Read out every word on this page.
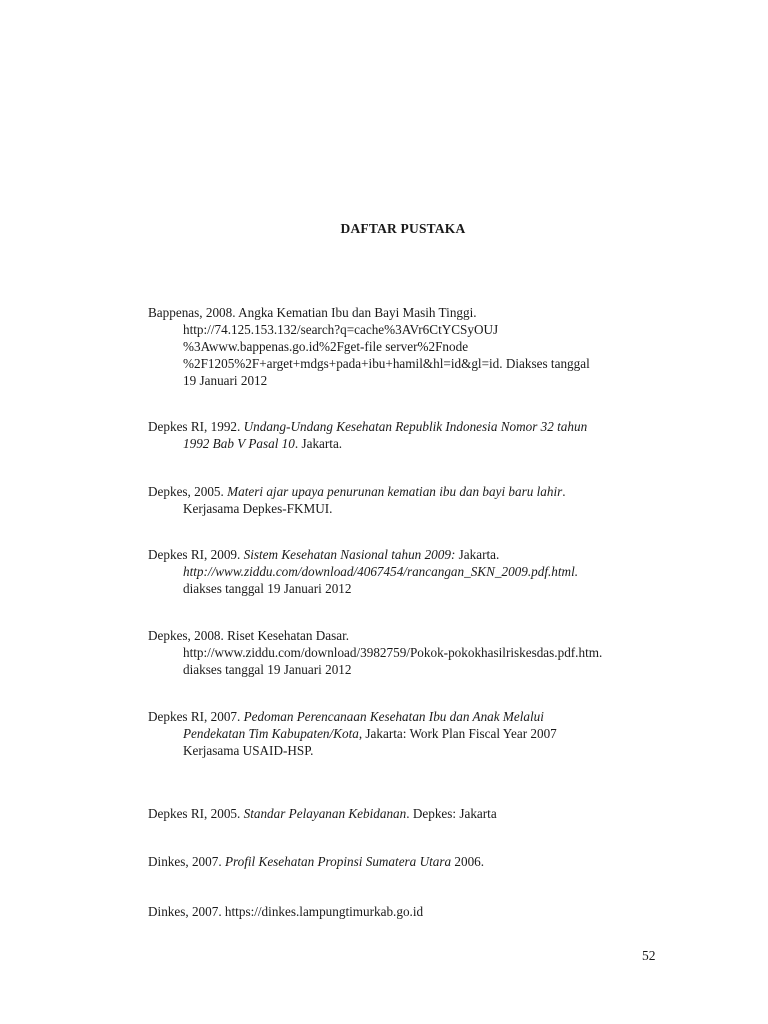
DAFTAR PUSTAKA
Bappenas, 2008. Angka Kematian Ibu dan Bayi Masih Tinggi.
http://74.125.153.132/search?q=cache%3AVr6CtYCSyOUJ
%3Awww.bappenas.go.id%2Fget-file server%2Fnode
%2F1205%2F+arget+mdgs+pada+ibu+hamil&hl=id&gl=id. Diakses tanggal
19 Januari 2012
Depkes RI, 1992. Undang-Undang Kesehatan Republik Indonesia Nomor 32 tahun
1992 Bab V Pasal 10. Jakarta.
Depkes, 2005. Materi ajar upaya penurunan kematian ibu dan bayi baru lahir.
Kerjasama Depkes-FKMUI.
Depkes RI, 2009. Sistem Kesehatan Nasional tahun 2009: Jakarta.
http://www.ziddu.com/download/4067454/rancangan_SKN_2009.pdf.html.
diakses tanggal 19 Januari 2012
Depkes, 2008. Riset Kesehatan Dasar.
http://www.ziddu.com/download/3982759/Pokok-pokokhasilriskesdas.pdf.htm.
diakses tanggal 19 Januari 2012
Depkes RI, 2007. Pedoman Perencanaan Kesehatan Ibu dan Anak Melalui
Pendekatan Tim Kabupaten/Kota, Jakarta: Work Plan Fiscal Year 2007
Kerjasama USAID-HSP.
Depkes RI, 2005. Standar Pelayanan Kebidanan. Depkes: Jakarta
Dinkes, 2007. Profil Kesehatan Propinsi Sumatera Utara 2006.
Dinkes, 2007. https://dinkes.lampungtimurkab.go.id
52
